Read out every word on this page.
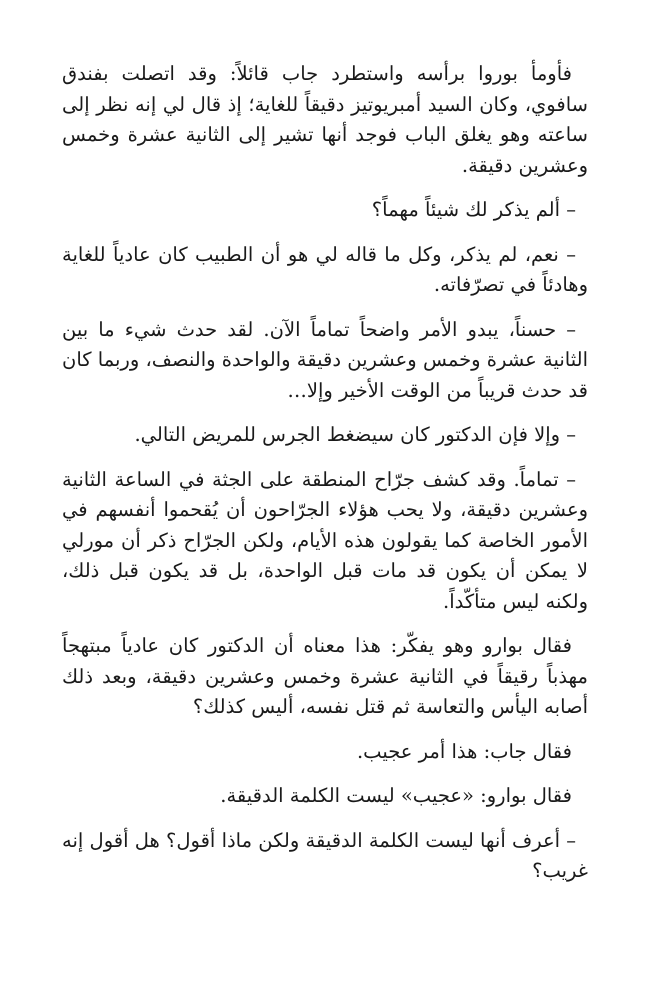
فأومأ بوروا برأسه واستطرد جاب قائلاً: وقد اتصلت بفندق سافوي، وكان السيد أمبريوتيز دقيقاً للغاية؛ إذ قال لي إنه نظر إلى ساعته وهو يغلق الباب فوجد أنها تشير إلى الثانية عشرة وخمس وعشرين دقيقة.

– ألم يذكر لك شيئاً مهماً؟

– نعم، لم يذكر، وكل ما قاله لي هو أن الطبيب كان عادياً للغاية وهادئاً في تصرّفاته.

– حسناً، يبدو الأمر واضحاً تماماً الآن. لقد حدث شيء ما بين الثانية عشرة وخمس وعشرين دقيقة والواحدة والنصف، وربما كان قد حدث قريباً من الوقت الأخير وإلا…

– وإلا فإن الدكتور كان سيضغط الجرس للمريض التالي.

– تماماً. وقد كشف جرّاح المنطقة على الجثة في الساعة الثانية وعشرين دقيقة، ولا يحب هؤلاء الجرّاحون أن يُقحموا أنفسهم في الأمور الخاصة كما يقولون هذه الأيام، ولكن الجرّاح ذكر أن مورلي لا يمكن أن يكون قد مات قبل الواحدة، بل قد يكون قبل ذلك، ولكنه ليس متأكّداً.

فقال بوارو وهو يفكّر: هذا معناه أن الدكتور كان عادياً مبتهجاً مهذباً رقيقاً في الثانية عشرة وخمس وعشرين دقيقة، وبعد ذلك أصابه اليأس والتعاسة ثم قتل نفسه، أليس كذلك؟

فقال جاب: هذا أمر عجيب.

فقال بوارو: «عجيب» ليست الكلمة الدقيقة.

– أعرف أنها ليست الكلمة الدقيقة ولكن ماذا أقول؟ هل أقول إنه غريب؟
